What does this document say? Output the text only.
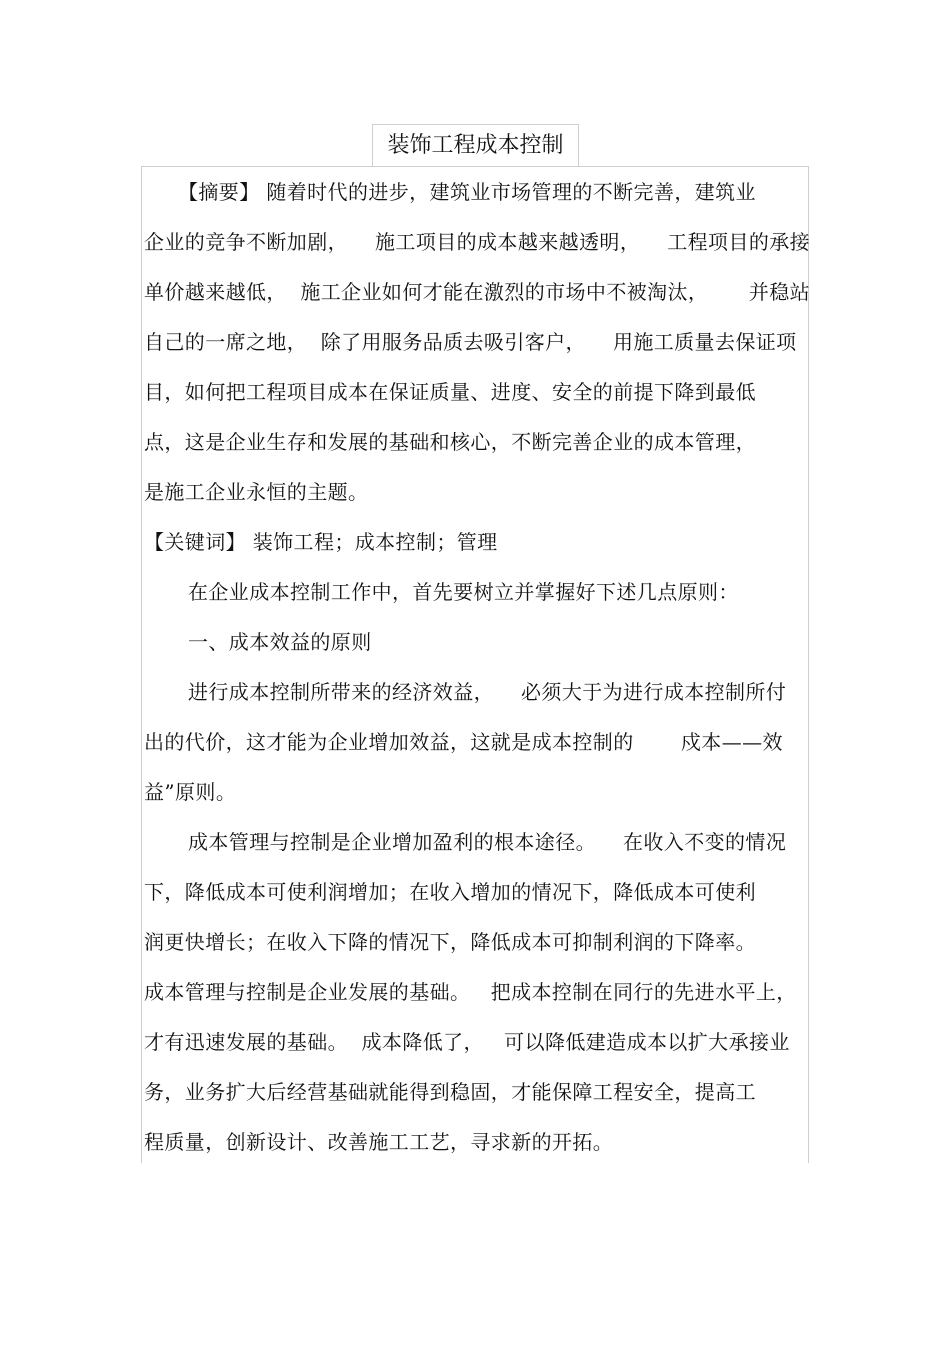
装饰工程成本控制
【摘要】 随着时代的进步，建筑业市场管理的不断完善，建筑业
企业的竞争不断加剧，    施工项目的成本越来越透明，    工程项目的承接
单价越来越低，  施工企业如何才能在激烈的市场中不被淘汰，      并稳站
自己的一席之地，  除了用服务品质去吸引客户，    用施工质量去保证项
目，如何把工程项目成本在保证质量、进度、安全的前提下降到最低
点，这是企业生存和发展的基础和核心，不断完善企业的成本管理，
是施工企业永恒的主题。
【关键词】 装饰工程；成本控制；管理
在企业成本控制工作中，首先要树立并掌握好下述几点原则：
一、成本效益的原则
进行成本控制所带来的经济效益，    必须大于为进行成本控制所付
出的代价，这才能为企业增加效益，这就是成本控制的       戍本——效
益”原则。
成本管理与控制是企业增加盈利的根本途径。    在收入不变的情况
下，降低成本可使利润增加；在收入增加的情况下，降低成本可使利
润更快增长；在收入下降的情况下，降低成本可抑制利润的下降率。
成本管理与控制是企业发展的基础。   把成本控制在同行的先进水平上，
才有迅速发展的基础。  成本降低了，   可以降低建造成本以扩大承接业
务，业务扩大后经营基础就能得到稳固，才能保障工程安全，提高工
程质量，创新设计、改善施工工艺，寻求新的开拓。
